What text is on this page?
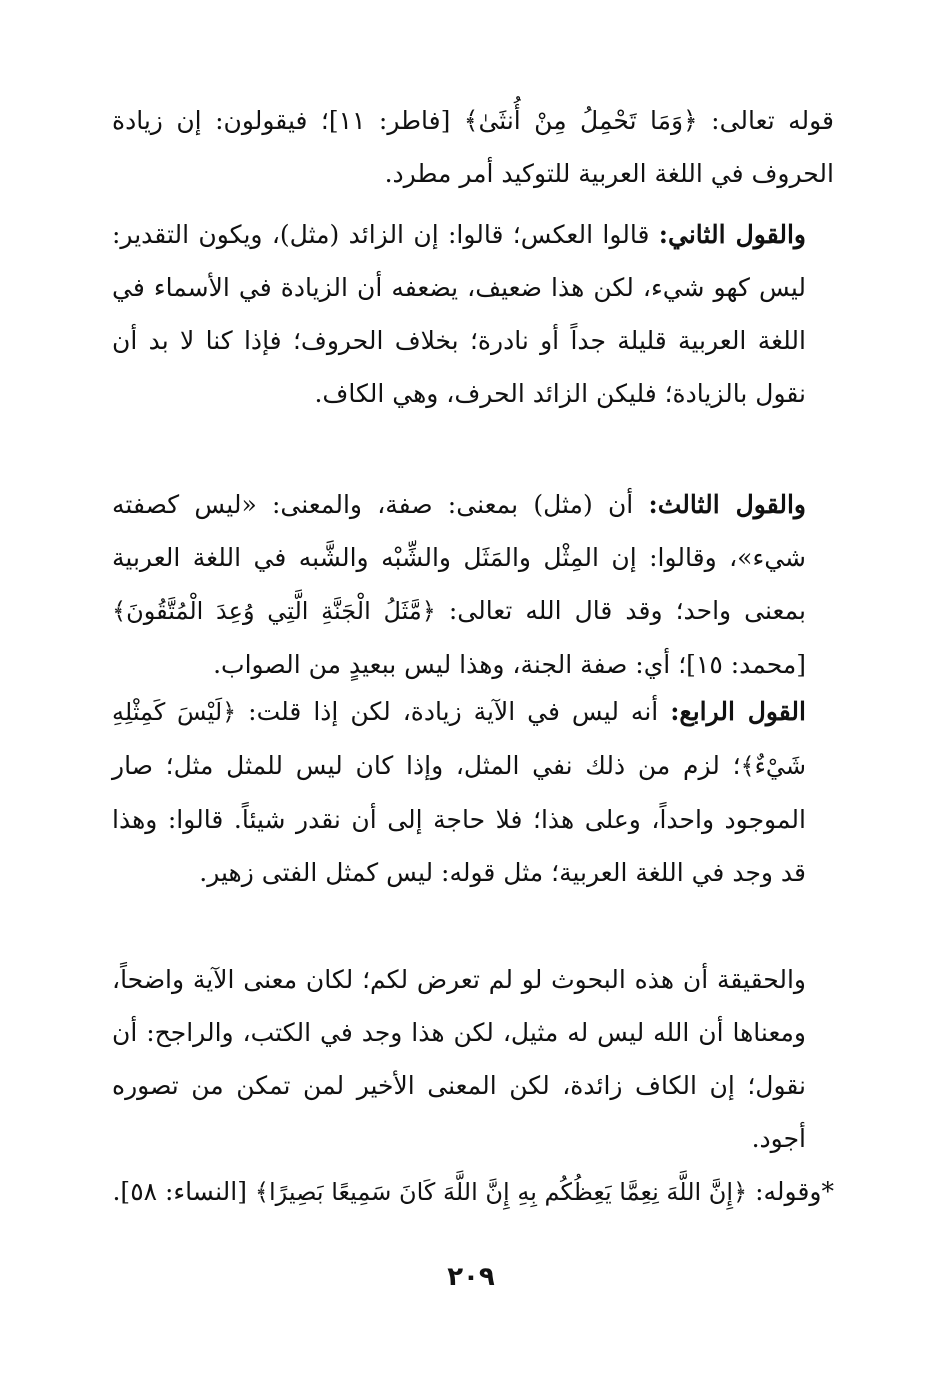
قوله تعالى: ﴿وَمَا تَحْمِلُ مِنْ أُنثَىٰ﴾ [فاطر: ١١]؛ فيقولون: إن زيادة الحروف في اللغة العربية للتوكيد أمر مطرد.

والقول الثاني: قالوا العكس؛ قالوا: إن الزائد (مثل)، ويكون التقدير: ليس كهو شيء، لكن هذا ضعيف، يضعفه أن الزيادة في الأسماء في اللغة العربية قليلة جداً أو نادرة؛ بخلاف الحروف؛ فإذا كنا لا بد أن نقول بالزيادة؛ فليكن الزائد الحرف، وهي الكاف.

والقول الثالث: أن (مثل) بمعنى: صفة، والمعنى: «ليس كصفته شيء»، وقالوا: إن المِثْل والمَثَل والشِّبْه والشَّبه في اللغة العربية بمعنى واحد؛ وقد قال الله تعالى: ﴿مَّثَلُ الْجَنَّةِ الَّتِي وُعِدَ الْمُتَّقُونَ﴾ [محمد: ١٥]؛ أي: صفة الجنة، وهذا ليس ببعيدٍ من الصواب.

القول الرابع: أنه ليس في الآية زيادة، لكن إذا قلت: ﴿لَيْسَ كَمِثْلِهِ شَيْءٌ﴾؛ لزم من ذلك نفي المثل، وإذا كان ليس للمثل مثل؛ صار الموجود واحداً، وعلى هذا؛ فلا حاجة إلى أن نقدر شيئاً. قالوا: وهذا قد وجد في اللغة العربية؛ مثل قوله: ليس كمثل الفتى زهير.

والحقيقة أن هذه البحوث لو لم تعرض لكم؛ لكان معنى الآية واضحاً، ومعناها أن الله ليس له مثيل، لكن هذا وجد في الكتب، والراجح: أن نقول؛ إن الكاف زائدة، لكن المعنى الأخير لمن تمكن من تصوره أجود.

*وقوله: ﴿إِنَّ اللَّهَ نِعِمَّا يَعِظُكُم بِهِ إِنَّ اللَّهَ كَانَ سَمِيعًا بَصِيرًا﴾ [النساء: ٥٨].

٢٠٩
